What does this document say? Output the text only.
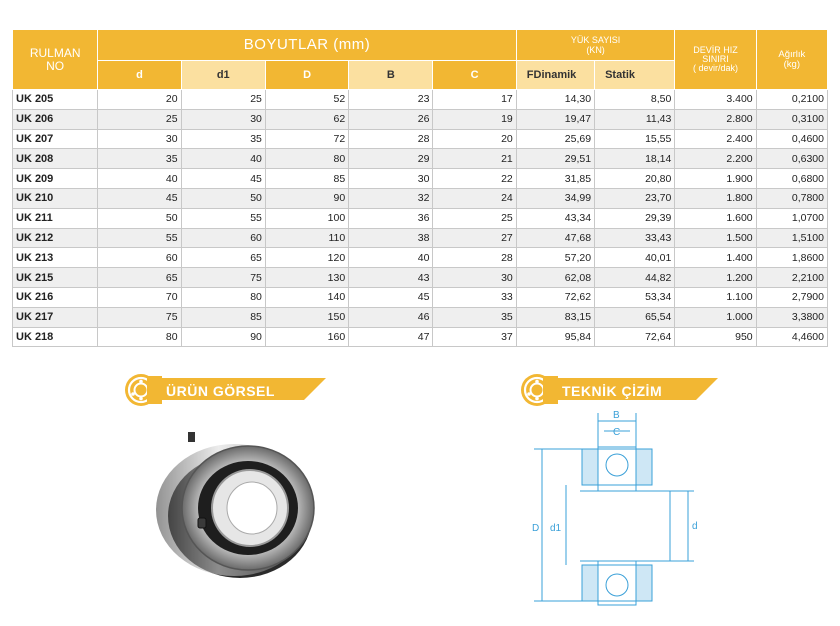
RULMAN
NO	BOYUTLAR (mm)					YÜK SAYISI
(KN)		DEVİR HIZ
SINIRI
( devir/dak)	Ağırlık
(kg)

	d	d1	D	B	C	FDinamik	Statik		

UK 205	20	25	52	23	17	14,30	8,50	3.400	0,2100
UK 206	25	30	62	26	19	19,47	11,43	2.800	0,3100
UK 207	30	35	72	28	20	25,69	15,55	2.400	0,4600
UK 208	35	40	80	29	21	29,51	18,14	2.200	0,6300
UK 209	40	45	85	30	22	31,85	20,80	1.900	0,6800
UK 210	45	50	90	32	24	34,99	23,70	1.800	0,7800
UK 211	50	55	100	36	25	43,34	29,39	1.600	1,0700
UK 212	55	60	110	38	27	47,68	33,43	1.500	1,5100
UK 213	60	65	120	40	28	57,20	40,01	1.400	1,8600
UK 215	65	75	130	43	30	62,08	44,82	1.200	2,2100
UK 216	70	80	140	45	33	72,62	53,34	1.100	2,7900
UK 217	75	85	150	46	35	83,15	65,54	1.000	3,3800
UK 218	80	90	160	47	37	95,84	72,64	950	4,4600
ÜRÜN GÖRSEL	TEKNİK ÇİZİM
B
C
D d1	d
